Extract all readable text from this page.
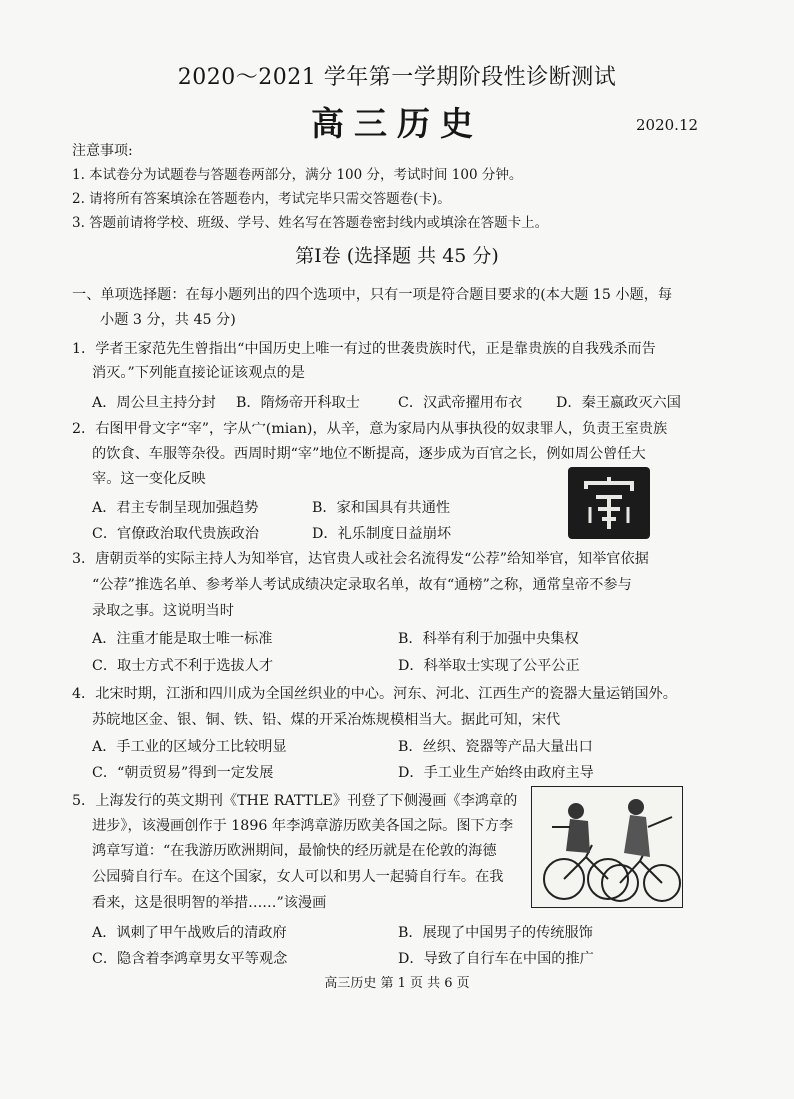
2020～2021 学年第一学期阶段性诊断测试
高三历史	2020.12
注意事项:
1. 本试卷分为试题卷与答题卷两部分，满分 100 分，考试时间 100 分钟。
2. 请将所有答案填涂在答题卷内，考试完毕只需交答题卷(卡)。
3. 答题前请将学校、班级、学号、姓名写在答题卷密封线内或填涂在答题卡上。
第Ⅰ卷 (选择题 共 45 分)
一、单项选择题：在每小题列出的四个选项中，只有一项是符合题目要求的(本大题 15 小题，每
小题 3 分，共 45 分)
1．学者王家范先生曾指出“中国历史上唯一有过的世袭贵族时代，正是靠贵族的自我残杀而告
消灭。”下列能直接论证该观点的是
A．周公旦主持分封 B．隋炀帝开科取士	C．汉武帝擢用布衣 D．秦王嬴政灭六国
2．右图甲骨文字“宰”，字从宀(mian)，从辛，意为家局内从事执役的奴隶罪人，负责王室贵族
的饮食、车服等杂役。西周时期“宰”地位不断提高，逐步成为百官之长，例如周公曾任大
宰。这一变化反映
A．君主专制呈现加强趋势	B．家和国具有共通性
C．官僚政治取代贵族政治	D．礼乐制度日益崩坏
3．唐朝贡举的实际主持人为知举官，达官贵人或社会名流得发“公荐”给知举官，知举官依据
“公荐”推选名单、参考举人考试成绩决定录取名单，故有“通榜”之称，通常皇帝不参与
录取之事。这说明当时
A．注重才能是取士唯一标准	B．科举有利于加强中央集权
C．取士方式不利于选拔人才	D．科举取士实现了公平公正
4．北宋时期，江浙和四川成为全国丝织业的中心。河东、河北、江西生产的瓷器大量运销国外。
苏皖地区金、银、铜、铁、铅、煤的开采冶炼规模相当大。据此可知，宋代
A．手工业的区域分工比较明显	B．丝织、瓷器等产品大量出口
C．“朝贡贸易”得到一定发展	D．手工业生产始终由政府主导
5．上海发行的英文期刊《THE RATTLE》刊登了下侧漫画《李鸿章的
进步》，该漫画创作于 1896 年李鸿章游历欧美各国之际。图下方李
鸿章写道：“在我游历欧洲期间，最愉快的经历就是在伦敦的海德
公园骑自行车。在这个国家，女人可以和男人一起骑自行车。在我
看来，这是很明智的举措……”该漫画
A．讽刺了甲午战败后的清政府	B．展现了中国男子的传统服饰
C．隐含着李鸿章男女平等观念	D．导致了自行车在中国的推广
高三历史 第 1 页 共 6 页
